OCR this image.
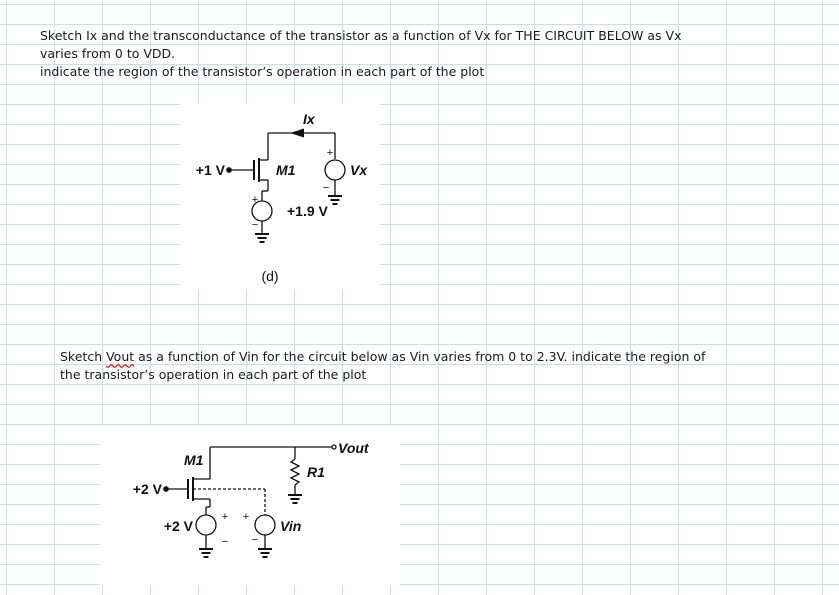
Sketch Ix and the transconductance of the transistor as a function of Vx for THE CIRCUIT BELOW as Vx
varies from 0 to VDD.
indicate the region of the transistor’s operation in each part of the plot
Ix
+1 V	M1	Vx
+1.9 V
+
−
+
−
(d)
Sketch Vout as a function of Vin for the circuit below as Vin varies from 0 to 2.3V. indicate the region of
the transistor’s operation in each part of the plot
M1
+2 V
+2 V
Vout
R1
Vin
+
−
+
−
